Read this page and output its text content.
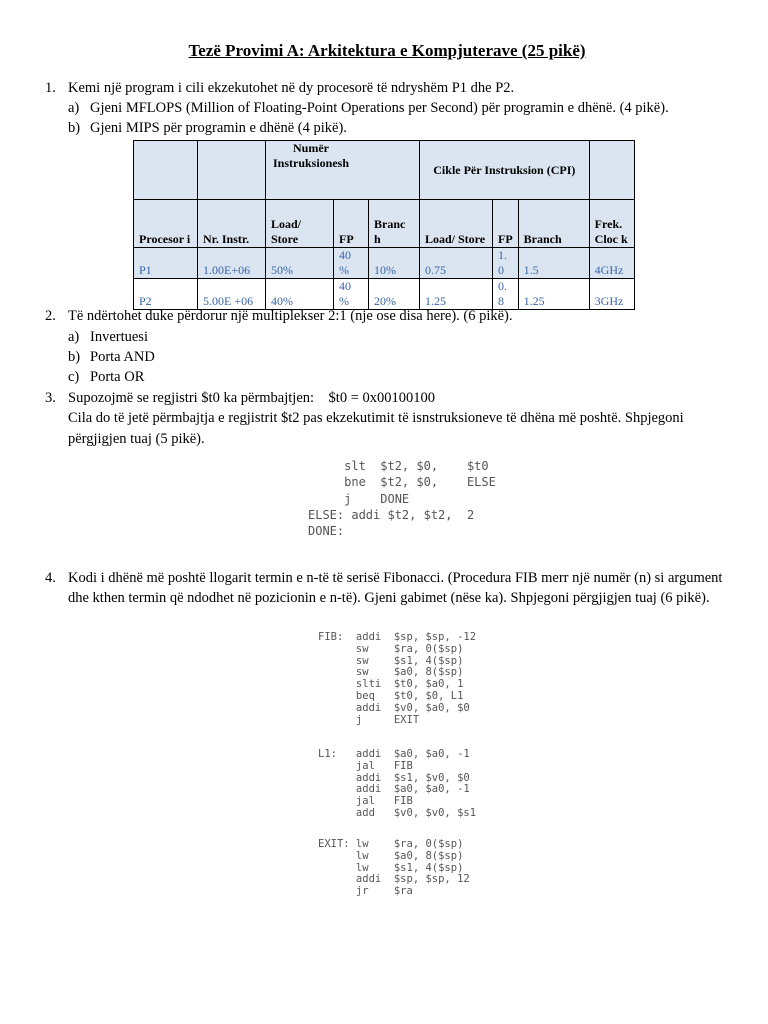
Tezë Provimi A: Arkitektura e Kompjuterave (25 pikë)
1. Kemi një program i cili ekzekutohet në dy procesorë të ndryshëm P1 dhe P2.
a) Gjeni MFLOPS (Million of Floating-Point Operations per Second) për programin e dhënë. (4 pikë).
b) Gjeni MIPS për programin e dhënë (4 pikë).

		Numër Instruksionesh			Cikle Për Instruksion (CPI)			
Procesor i	Nr. Instr.	Load/ Store	FP	Branc h	Load/ Store	FP	Branch	Frek. Cloc k
P1	1.00E+06	50%	40 %	10%	0.75	1. 0	1.5	4GHz
P2	5.00E +06	40%	40 %	20%	1.25	0. 8	1.25	3GHz
2. Të ndërtohet duke përdorur një multiplekser 2:1 (nje ose disa here). (6 pikë).
a) Invertuesi
b) Porta AND
c) Porta OR
3. Supozojmë se regjistri $t0 ka përmbajtjen:    $t0 = 0x00100100
Cila do të jetë përmbajtja e regjistrit $t2 pas ekzekutimit të isnstruksioneve të dhëna më poshtë. Shpjegoni
përgjigjen tuaj (5 pikë).
slt  $t2, $0,    $t0
bne  $t2, $0,    ELSE
j    DONE
ELSE: addi $t2, $t2,  2
DONE:
4. Kodi i dhënë më poshtë llogarit termin e n-të të serisë Fibonacci. (Procedura FIB merr një numër (n) si argument
dhe kthen termin që ndodhet në pozicionin e n-të). Gjeni gabimet (nëse ka). Shpjegoni përgjigjen tuaj (6 pikë).
FIB:  addi  $sp, $sp, -12
sw    $ra, 0($sp)
sw    $s1, 4($sp)
sw    $a0, 8($sp)
slti  $t0, $a0, 1
beq   $t0, $0, L1
addi  $v0, $a0, $0
j     EXIT
L1:   addi  $a0, $a0, -1
jal   FIB
addi  $s1, $v0, $0
addi  $a0, $a0, -1
jal   FIB
add   $v0, $v0, $s1
EXIT: lw    $ra, 0($sp)
lw    $a0, 8($sp)
lw    $s1, 4($sp)
addi  $sp, $sp, 12
jr    $ra
